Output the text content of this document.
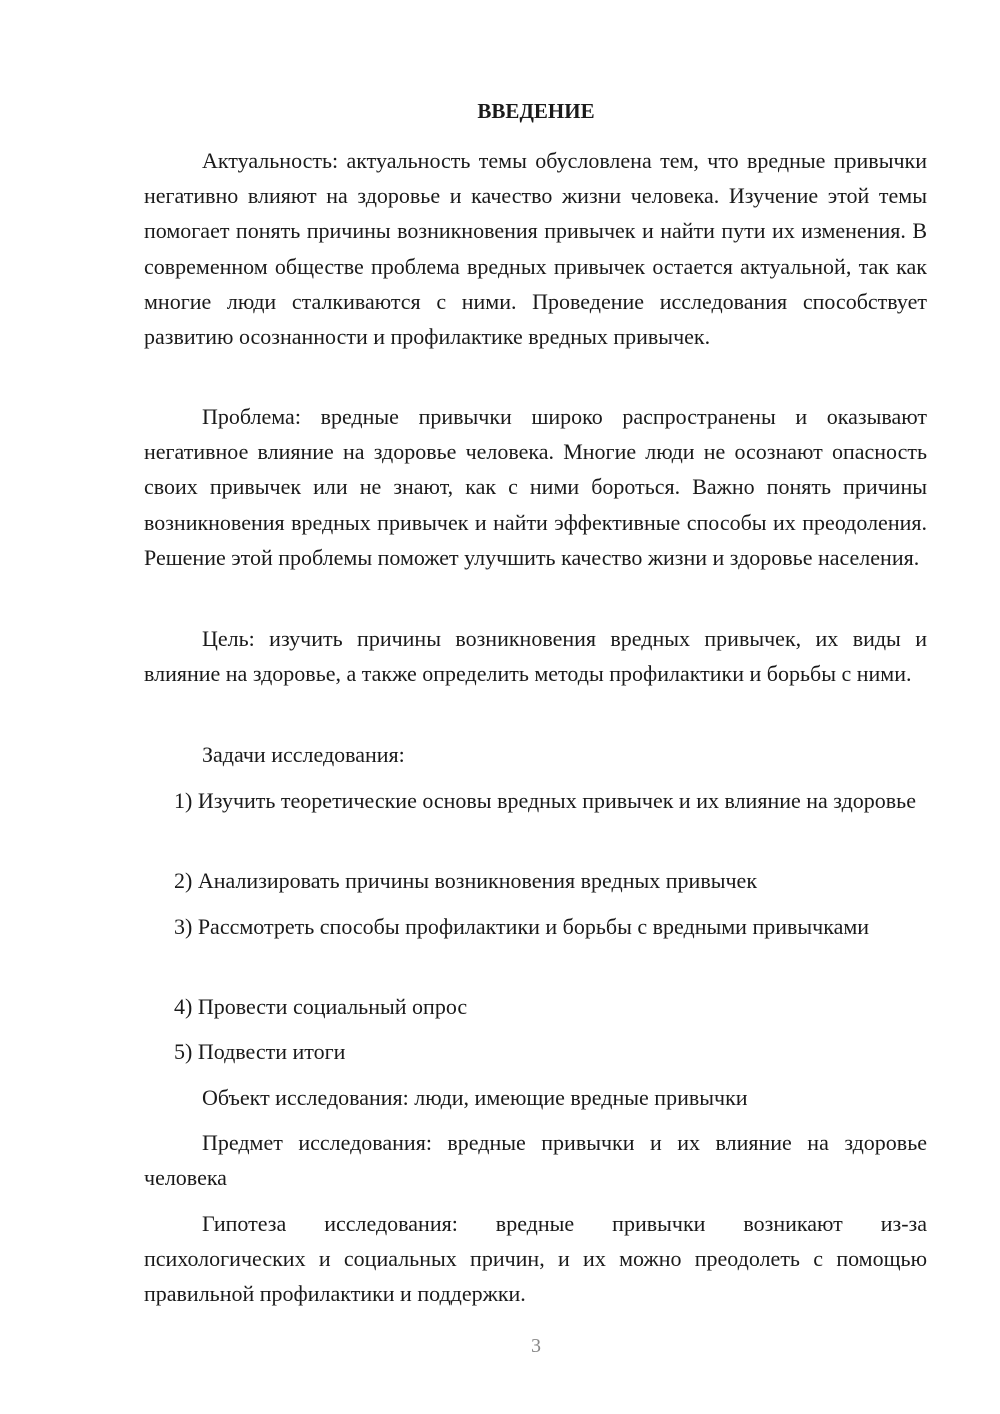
ВВЕДЕНИЕ
Актуальность: актуальность темы обусловлена тем, что вредные привычки негативно влияют на здоровье и качество жизни человека. Изучение этой темы помогает понять причины возникновения привычек и найти пути их изменения. В современном обществе проблема вредных привычек остается актуальной, так как многие люди сталкиваются с ними. Проведение исследования способствует развитию осознанности и профилактике вредных привычек.
Проблема: вредные привычки широко распространены и оказывают негативное влияние на здоровье человека. Многие люди не осознают опасность своих привычек или не знают, как с ними бороться. Важно понять причины возникновения вредных привычек и найти эффективные способы их преодоления. Решение этой проблемы поможет улучшить качество жизни и здоровье населения.
Цель: изучить причины возникновения вредных привычек, их виды и влияние на здоровье, а также определить методы профилактики и борьбы с ними.
Задачи исследования:
1) Изучить теоретические основы вредных привычек и их влияние на здоровье
2) Анализировать причины возникновения вредных привычек
3) Рассмотреть способы профилактики и борьбы с вредными привычками
4) Провести социальный опрос
5) Подвести итоги
Объект исследования: люди, имеющие вредные привычки
Предмет исследования: вредные привычки и их влияние на здоровье человека
Гипотеза исследования: вредные привычки возникают из-за психологических и социальных причин, и их можно преодолеть с помощью правильной профилактики и поддержки.
3
